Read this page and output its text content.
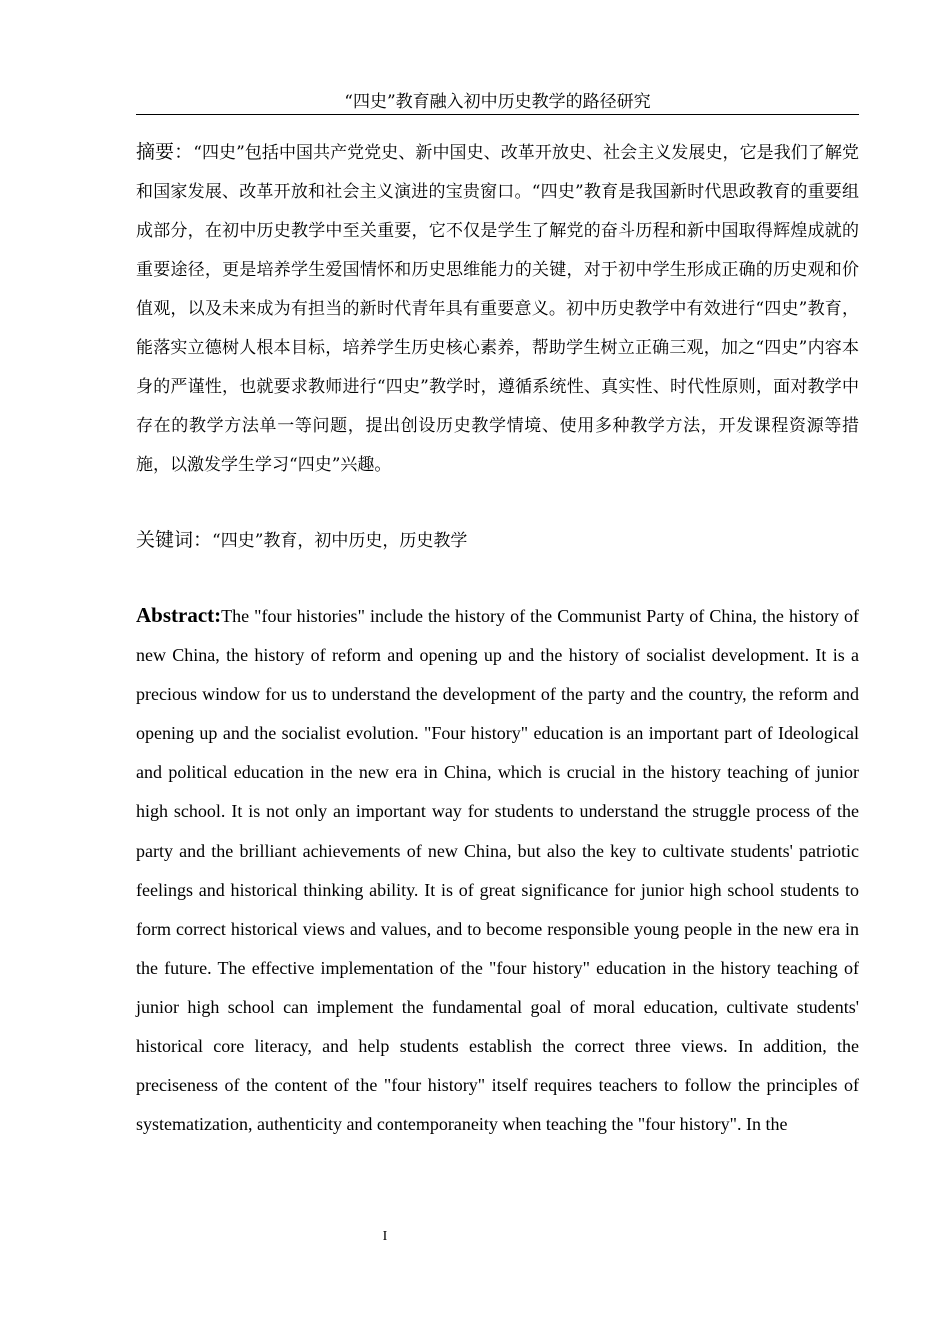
“四史”教育融入初中历史教学的路径研究

摘要：“四史”包括中国共产党党史、新中国史、改革开放史、社会主义发展史，它是我们了解党和国家发展、改革开放和社会主义演进的宝贵窗口。“四史”教育是我国新时代思政教育的重要组成部分，在初中历史教学中至关重要，它不仅是学生了解党的奋斗历程和新中国取得辉煌成就的重要途径，更是培养学生爱国情怀和历史思维能力的关键，对于初中学生形成正确的历史观和价值观，以及未来成为有担当的新时代青年具有重要意义。初中历史教学中有效进行“四史”教育，能落实立德树人根本目标，培养学生历史核心素养，帮助学生树立正确三观，加之“四史”内容本身的严谨性，也就要求教师进行“四史”教学时，遵循系统性、真实性、时代性原则，面对教学中存在的教学方法单一等问题，提出创设历史教学情境、使用多种教学方法，开发课程资源等措施，以激发学生学习“四史”兴趣。

关键词：“四史”教育，初中历史，历史教学

Abstract:The "four histories" include the history of the Communist Party of China, the history of new China, the history of reform and opening up and the history of socialist development. It is a precious window for us to understand the development of the party and the country, the reform and opening up and the socialist evolution. "Four history" education is an important part of Ideological and political education in the new era in China, which is crucial in the history teaching of junior high school. It is not only an important way for students to understand the struggle process of the party and the brilliant achievements of new China, but also the key to cultivate students' patriotic feelings and historical thinking ability. It is of great significance for junior high school students to form correct historical views and values, and to become responsible young people in the new era in the future. The effective implementation of the "four history" education in the history teaching of junior high school can implement the fundamental goal of moral education, cultivate students' historical core literacy, and help students establish the correct three views. In addition, the preciseness of the content of the "four history" itself requires teachers to follow the principles of systematization, authenticity and contemporaneity when teaching the "four history". In the

I
